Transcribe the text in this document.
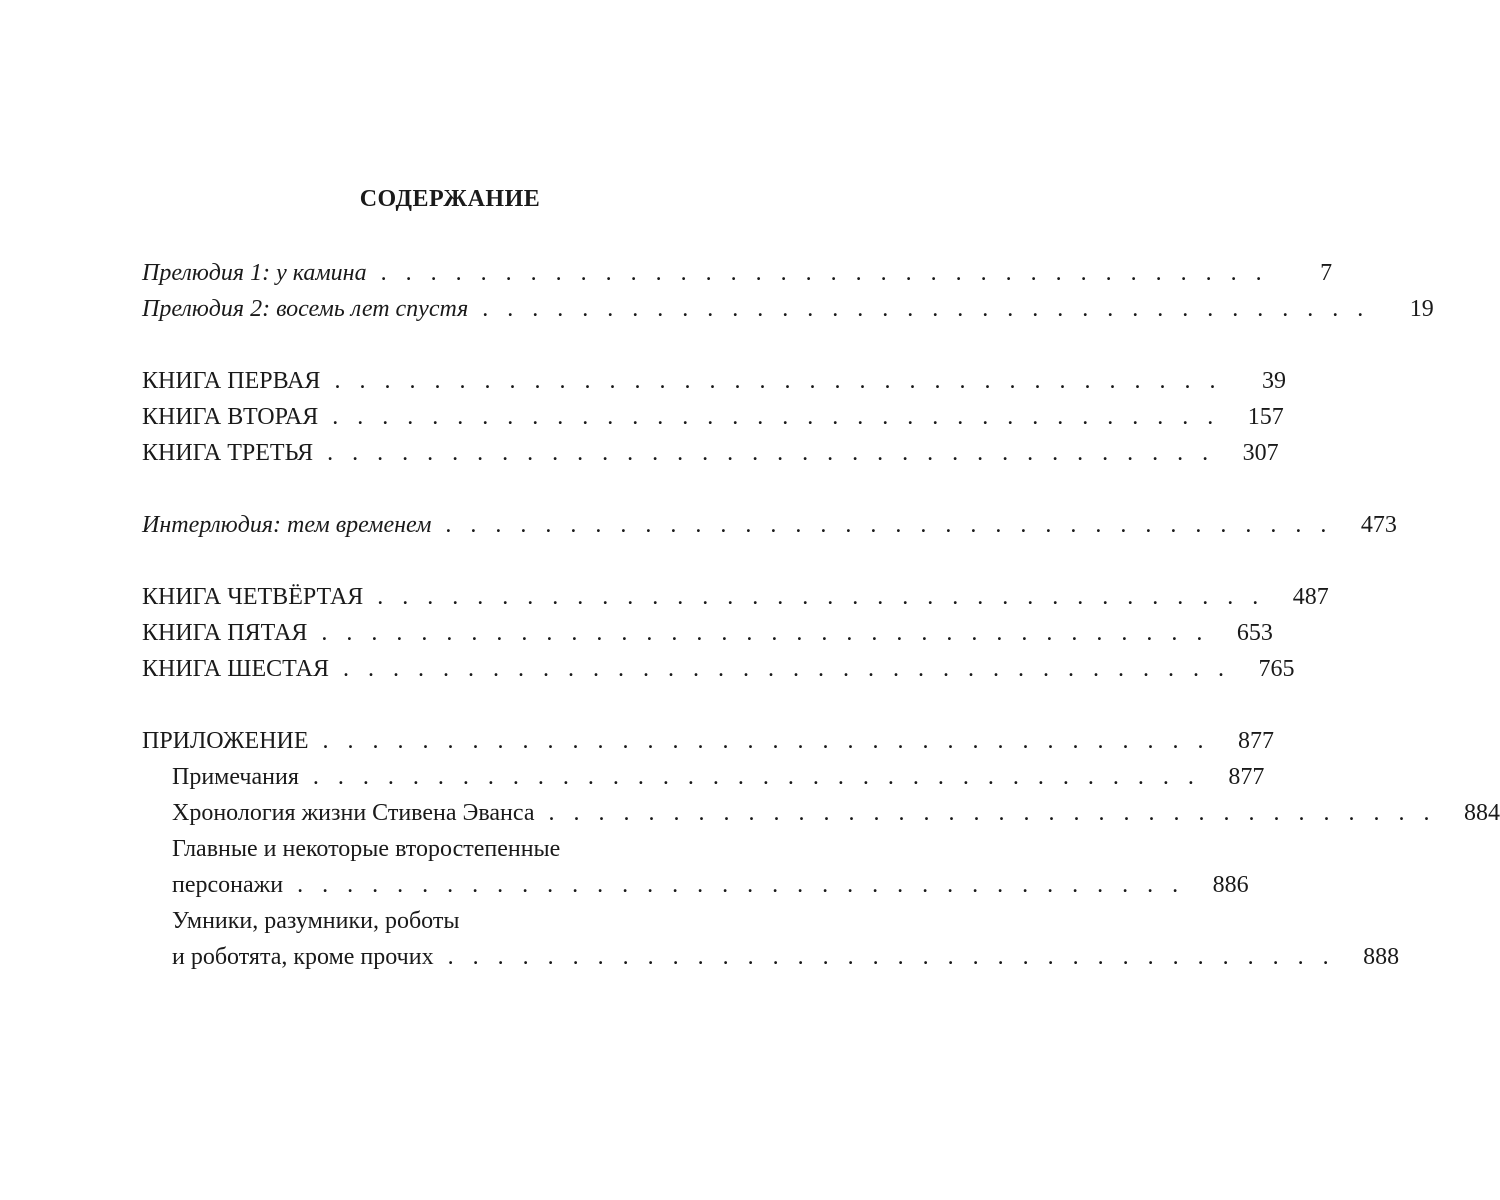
СОДЕРЖАНИЕ
Прелюдия 1: у камина . . . . . . . . . . . . . . . . . . . . . . . . . . . . . . . . . . . .	7
Прелюдия 2: восемь лет спустя . . . . . . . . . . . . . . . . . . . . . . . . . . . . . . . . . . . .	19
КНИГА ПЕРВАЯ . . . . . . . . . . . . . . . . . . . . . . . . . . . . . . . . . . . .	39
КНИГА ВТОРАЯ . . . . . . . . . . . . . . . . . . . . . . . . . . . . . . . . . . . .	157
КНИГА ТРЕТЬЯ . . . . . . . . . . . . . . . . . . . . . . . . . . . . . . . . . . . .	307
Интерлюдия: тем временем . . . . . . . . . . . . . . . . . . . . . . . . . . . . . . . . . . . .	473
КНИГА ЧЕТВЁРТАЯ . . . . . . . . . . . . . . . . . . . . . . . . . . . . . . . . . . . .	487
КНИГА ПЯТАЯ . . . . . . . . . . . . . . . . . . . . . . . . . . . . . . . . . . . .	653
КНИГА ШЕСТАЯ . . . . . . . . . . . . . . . . . . . . . . . . . . . . . . . . . . . .	765
ПРИЛОЖЕНИЕ . . . . . . . . . . . . . . . . . . . . . . . . . . . . . . . . . . . .	877
Примечания . . . . . . . . . . . . . . . . . . . . . . . . . . . . . . . . . . . .	877
Хронология жизни Стивена Эванса . . . . . . . . . . . . . . . . . . . . . . . . . . . . . . . . . . . .	884
Главные и некоторые второстепенные
персонажи . . . . . . . . . . . . . . . . . . . . . . . . . . . . . . . . . . . .	886
Умники, разумники, роботы
и роботята, кроме прочих . . . . . . . . . . . . . . . . . . . . . . . . . . . . . . . . . . . .	888
